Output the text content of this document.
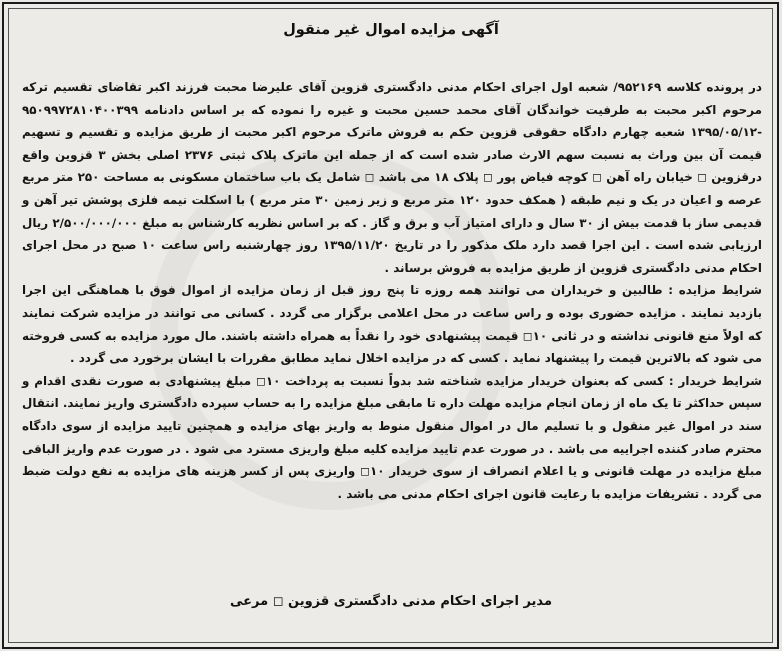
آگهی مزایده اموال غیر منقول

در پرونده کلاسه ۹۵۲۱۶۹/ شعبه اول اجرای احکام مدنی دادگستری قزوین آقای علیرضا محبت فرزند اکبر تقاضای تقسیم ترکه مرحوم اکبر محبت به طرفیت خواندگان آقای محمد حسین محبت و غیره را نموده که بر اساس دادنامه ۹۵۰۹۹۷۲۸۱۰۴۰۰۳۹۹ -۱۳۹۵/۰۵/۱۲ شعبه چهارم دادگاه حقوقی قزوین حکم به فروش ماترک مرحوم اکبر محبت از طریق مزایده و تقسیم و تسهیم قیمت آن بین وراث به نسبت سهم الارث صادر شده است که از جمله این ماترک پلاک ثبتی ۲۳۷۶ اصلی بخش ۳ قزوین واقع درقزوین ◻ خیابان راه آهن ◻ کوچه فیاض پور ◻ پلاک ۱۸ می باشد ◻ شامل یک باب ساختمان مسکونی به مساحت ۲۵۰ متر مربع عرصه و اعیان در یک و نیم طبقه ( همکف حدود ۱۲۰ متر مربع و زیر زمین ۳۰ متر مربع ) با اسکلت نیمه فلزی پوشش تیر آهن و قدیمی ساز با قدمت بیش از ۳۰ سال و دارای امتیاز آب و برق و گاز . که بر اساس نظریه کارشناس به مبلغ ۲/۵۰۰/۰۰۰/۰۰۰ ریال ارزیابی شده است . این اجرا قصد دارد ملک مذکور را در تاریخ ۱۳۹۵/۱۱/۲۰ روز چهارشنبه راس ساعت ۱۰ صبح در محل اجرای احکام مدنی دادگستری قزوین از طریق مزایده به فروش برساند .

شرایط مزایده : طالبین و خریداران می توانند همه روزه تا پنج روز قبل از زمان مزایده از اموال فوق با هماهنگی این اجرا بازدید نمایند . مزایده حضوری بوده و راس ساعت در محل اعلامی برگزار می گردد . کسانی می توانند در مزایده شرکت نمایند که اولاً منع قانونی نداشته و در ثانی ۱۰◻ قیمت پیشنهادی خود را نقداً به همراه داشته باشند. مال مورد مزایده به کسی فروخته می شود که بالاترین قیمت را پیشنهاد نماید . کسی که در مزایده اخلال نماید مطابق مقررات با ایشان برخورد می گردد .

شرایط خریدار : کسی که بعنوان خریدار مزایده شناخته شد بدواً نسبت به پرداخت ۱۰◻ مبلغ پیشنهادی به صورت نقدی اقدام و سپس حداکثر تا یک ماه از زمان انجام مزایده مهلت داره تا مابقی مبلغ مزایده را به حساب سپرده دادگستری واریز نمایند. انتقال سند در اموال غیر منقول و با تسلیم مال در اموال منقول منوط به واریز بهای مزایده و همچنین تایید مزایده از سوی دادگاه محترم صادر کننده اجراییه می باشد . در صورت عدم تایید مزایده کلیه مبلغ واریزی مسترد می شود . در صورت عدم واریز الباقی مبلغ مزایده در مهلت قانونی و یا اعلام انصراف از سوی خریدار ۱۰◻ واریزی پس از کسر هزینه های مزایده به نفع دولت ضبط می گردد . تشریفات مزایده با رعایت قانون اجرای احکام مدنی می باشد .

مدیر اجرای احکام مدنی دادگستری قزوین ◻ مرعی
